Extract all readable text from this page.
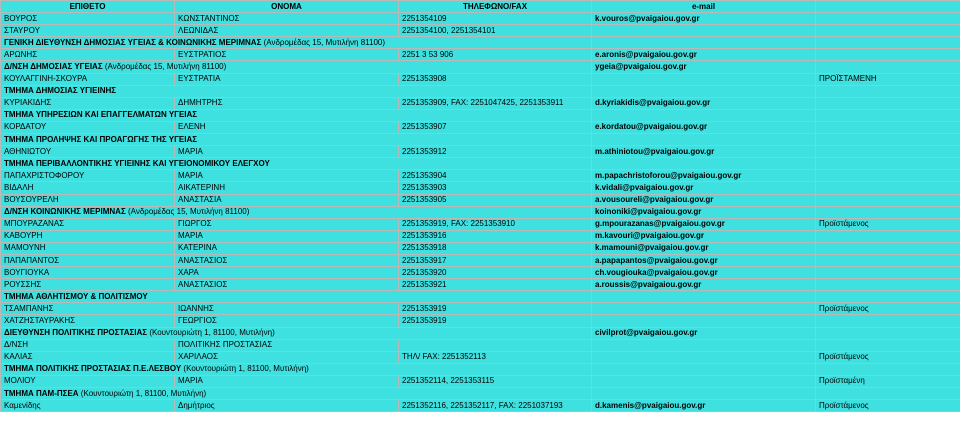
ΕΠΙΘΕΤΟ	ΟΝΟΜΑ	ΤΗΛΕΦΩΝΟ/FAX	e-mail	
ΒΟΥΡΟΣ	ΚΩΝΣΤΑΝΤΙΝΟΣ	2251354109	k.vouros@pvaigaiou.gov.gr	
ΣΤΑΥΡΟΥ	ΛΕΩΝΙΔΑΣ	2251354100, 2251354101		
ΓΕΝΙΚΗ ΔΙΕΥΘΥΝΣΗ ΔΗΜΟΣΙΑΣ ΥΓΕΙΑΣ & ΚΟΙΝΩΝΙΚΗΣ ΜΕΡΙΜΝΑΣ (Ανδρομέδας 15, Μυτιλήνη 81100)				
ΑΡΩΝΗΣ	ΕΥΣΤΡΑΤΙΟΣ	2251 3 53 906	e.aronis@pvaigaiou.gov.gr	
Δ/ΝΣΗ ΔΗΜΟΣΙΑΣ ΥΓΕΙΑΣ (Ανδρομέδας 15, Μυτιλήνη 81100)			ygeia@pvaigaiou.gov.gr	
ΚΟΥΛΑΓΓΙΝΗ-ΣΚΟΥΡΑ	ΕΥΣΤΡΑΤΙΑ	2251353908		ΠΡΟΪΣΤΑΜΕΝΗ
ΤΜΗΜΑ ΔΗΜΟΣΙΑΣ ΥΓΙΕΙΝΗΣ				
ΚΥΡΙΑΚΙΔΗΣ	ΔΗΜΗΤΡΗΣ	2251353909, FAX: 2251047425, 2251353911	d.kyriakidis@pvaigaiou.gov.gr	
ΤΜΗΜΑ ΥΠΗΡΕΣΙΩΝ ΚΑΙ ΕΠΑΓΓΕΛΜΑΤΩΝ ΥΓΕΙΑΣ				
ΚΟΡΔΑΤΟΥ	ΕΛΕΝΗ	2251353907	e.kordatou@pvaigaiou.gov.gr	
ΤΜΗΜΑ ΠΡΟΛΗΨΗΣ ΚΑΙ ΠΡΟΑΓΩΓΗΣ ΤΗΣ ΥΓΕΙΑΣ				
ΑΘΗΝΙΩΤΟΥ	ΜΑΡΙΑ	2251353912	m.athiniotou@pvaigaiou.gov.gr	
ΤΜΗΜΑ ΠΕΡΙΒΑΛΛΟΝΤΙΚΗΣ ΥΓΙΕΙΝΗΣ ΚΑΙ ΥΓΕΙΟΝΟΜΙΚΟΥ ΕΛΕΓΧΟΥ				
ΠΑΠΑΧΡΙΣΤΟΦΟΡΟΥ	ΜΑΡΙΑ	2251353904	m.papachristoforou@pvaigaiou.gov.gr	
ΒΙΔΑΛΗ	ΑΙΚΑΤΕΡΙΝΗ	2251353903	k.vidali@pvaigaiou.gov.gr	
ΒΟΥΣΟΥΡΕΛΗ	ΑΝΑΣΤΑΣΙΑ	2251353905	a.vousoureli@pvaigaiou.gov.gr	
Δ/ΝΣΗ ΚΟΙΝΩΝΙΚΗΣ ΜΕΡΙΜΝΑΣ (Ανδρομέδας 15, Μυτιλήνη 81100)			koinoniki@pvaigaiou.gov.gr	
ΜΠΟΥΡΑΖΑΝΑΣ	ΓΙΩΡΓΟΣ	2251353919, FAX: 2251353910	g.mpourazanas@pvaigaiou.gov.gr	Προϊστάμενος
ΚΑΒΟΥΡΗ	ΜΑΡΙΑ	2251353916	m.kavouri@pvaigaiou.gov.gr	
ΜΑΜΟΥΝΗ	ΚΑΤΕΡΙΝΑ	2251353918	k.mamouni@pvaigaiou.gov.gr	
ΠΑΠΑΠΑΝΤΟΣ	ΑΝΑΣΤΑΣΙΟΣ	2251353917	a.papapantos@pvaigaiou.gov.gr	
ΒΟΥΓΙΟΥΚΑ	ΧΑΡΑ	2251353920	ch.vougiouka@pvaigaiou.gov.gr	
ΡΟΥΣΣΗΣ	ΑΝΑΣΤΑΣΙΟΣ	2251353921	a.roussis@pvaigaiou.gov.gr	
ΤΜΗΜΑ ΑΘΛΗΤΙΣΜΟΥ & ΠΟΛΙΤΙΣΜΟΥ				
ΤΣΑΜΠΑΝΗΣ	ΙΩΑΝΝΗΣ	2251353919		Προϊστάμενος
ΧΑΤΖΗΣΤΑΥΡΑΚΗΣ	ΓΕΩΡΓΙΟΣ	2251353919		
ΔΙΕΥΘΥΝΣΗ ΠΟΛΙΤΙΚΗΣ ΠΡΟΣΤΑΣΙΑΣ (Κουντουριώτη 1, 81100, Μυτιλήνη)			civilprot@pvaigaiou.gov.gr	
Δ/ΝΣΗ	ΠΟΛΙΤΙΚΗΣ ΠΡΟΣΤΑΣΙΑΣ			
ΚΑΛΙΑΣ	ΧΑΡΙΛΑΟΣ	ΤΗΛ/ FAX: 2251352113		Προϊστάμενος
ΤΜΗΜΑ ΠΟΛΙΤΙΚΗΣ ΠΡΟΣΤΑΣΙΑΣ Π.Ε.ΛΕΣΒΟΥ (Κουντουριώτη 1, 81100, Μυτιλήνη)				
ΜΟΛΙΟΥ	ΜΑΡΙΑ	2251352114, 2251353115		Προϊσταμένη
ΤΜΗΜΑ ΠΑΜ-ΠΣΕΑ (Κουντουριώτη 1, 81100, Μυτιλήνη)				
Καμενίδης	Δημήτριος	2251352116, 2251352117, FAX: 2251037193	d.kamenis@pvaigaiou.gov.gr	Προϊστάμενος
